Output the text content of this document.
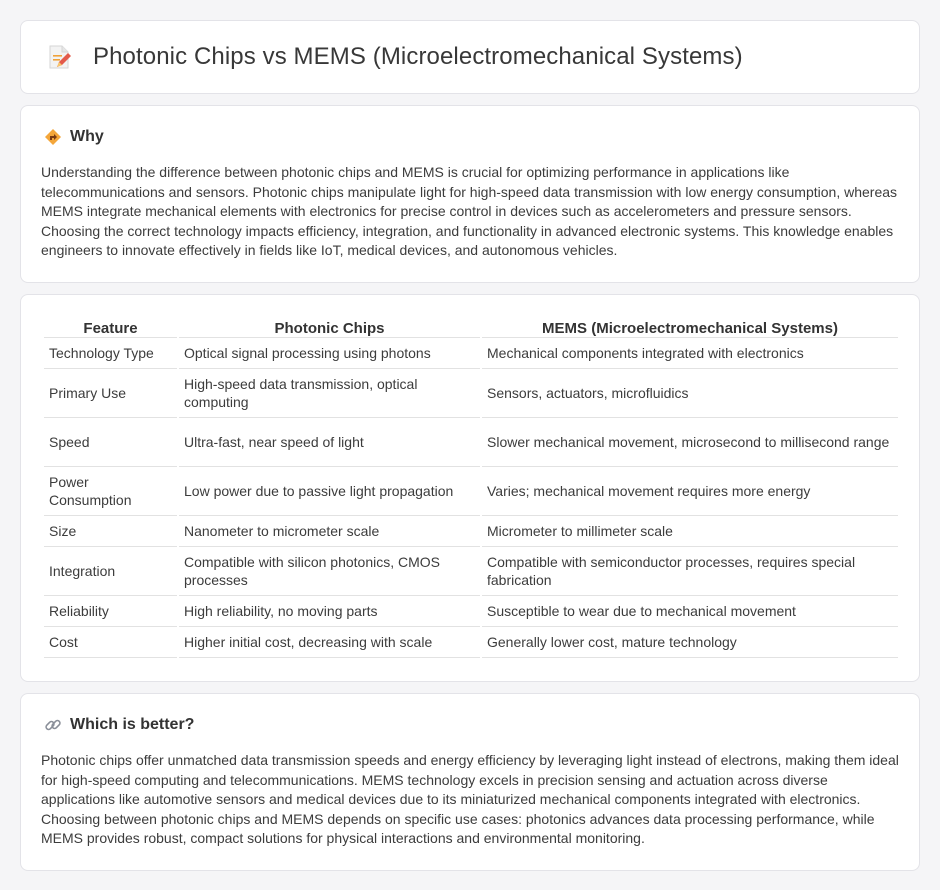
Photonic Chips vs MEMS (Microelectromechanical Systems)
Why

Understanding the difference between photonic chips and MEMS is crucial for optimizing performance in applications like telecommunications and sensors. Photonic chips manipulate light for high-speed data transmission with low energy consumption, whereas MEMS integrate mechanical elements with electronics for precise control in devices such as accelerometers and pressure sensors. Choosing the correct technology impacts efficiency, integration, and functionality in advanced electronic systems. This knowledge enables engineers to innovate effectively in fields like IoT, medical devices, and autonomous vehicles.

Feature	Photonic Chips	MEMS (Microelectromechanical Systems)
Technology Type	Optical signal processing using photons	Mechanical components integrated with electronics
Primary Use	High-speed data transmission, optical computing	Sensors, actuators, microfluidics
Speed	Ultra-fast, near speed of light	Slower mechanical movement, microsecond to millisecond range
Power Consumption	Low power due to passive light propagation	Varies; mechanical movement requires more energy
Size	Nanometer to micrometer scale	Micrometer to millimeter scale
Integration	Compatible with silicon photonics, CMOS processes	Compatible with semiconductor processes, requires special fabrication
Reliability	High reliability, no moving parts	Susceptible to wear due to mechanical movement
Cost	Higher initial cost, decreasing with scale	Generally lower cost, mature technology
Which is better?

Photonic chips offer unmatched data transmission speeds and energy efficiency by leveraging light instead of electrons, making them ideal for high-speed computing and telecommunications. MEMS technology excels in precision sensing and actuation across diverse applications like automotive sensors and medical devices due to its miniaturized mechanical components integrated with electronics. Choosing between photonic chips and MEMS depends on specific use cases: photonics advances data processing performance, while MEMS provides robust, compact solutions for physical interactions and environmental monitoring.
